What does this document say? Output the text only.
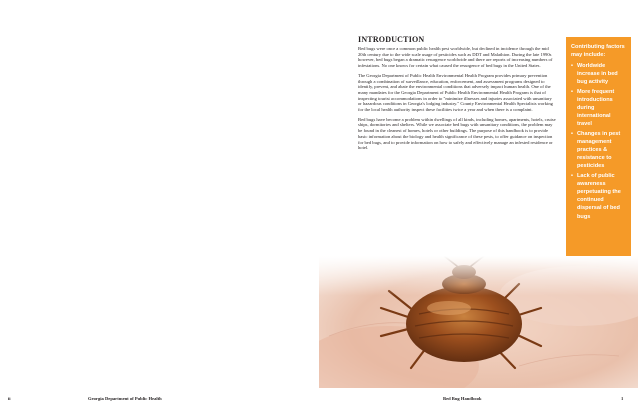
INTRODUCTION

Bed bugs were once a common public health pest worldwide, but declined in incidence through the mid 20th century due to the wide scale usage of pesticides such as DDT and Malathion. During the late 1990s however, bed bugs began a dramatic resurgence worldwide and there are reports of increasing numbers of infestations. No one knows for certain what caused the resurgence of bed bugs in the United States.

The Georgia Department of Public Health Environmental Health Program provides primary prevention through a combination of surveillance, education, enforcement, and assessment programs designed to identify, prevent, and abate the environmental conditions that adversely impact human health. One of the many mandates for the Georgia Department of Public Health Environmental Health Program is that of inspecting tourist accommodations in order to "minimize illnesses and injuries associated with unsanitary or hazardous conditions in Georgia's lodging industry." County Environmental Health Specialists working for the local health authority inspect these facilities twice a year and when there is a complaint.

Bed bugs have become a problem within dwellings of all kinds, including homes, apartments, hotels, cruise ships, dormitories and shelters. While we associate bed bugs with unsanitary conditions, the problem may be found in the cleanest of homes, hotels or other buildings. The purpose of this handbook is to provide basic information about the biology and health significance of these pests, to offer guidance on inspection for bed bugs, and to provide information on how to safely and effectively manage an infested residence or hotel.

Contributing factors may include:

• Worldwide increase in bed bug activity
• More frequent introductions during international travel
• Changes in pest management practices & resistance to pesticides
• Lack of public awareness perpetuating the continued dispersal of bed bugs
ii	Georgia Department of Public Health	Bed Bug Handbook	1
